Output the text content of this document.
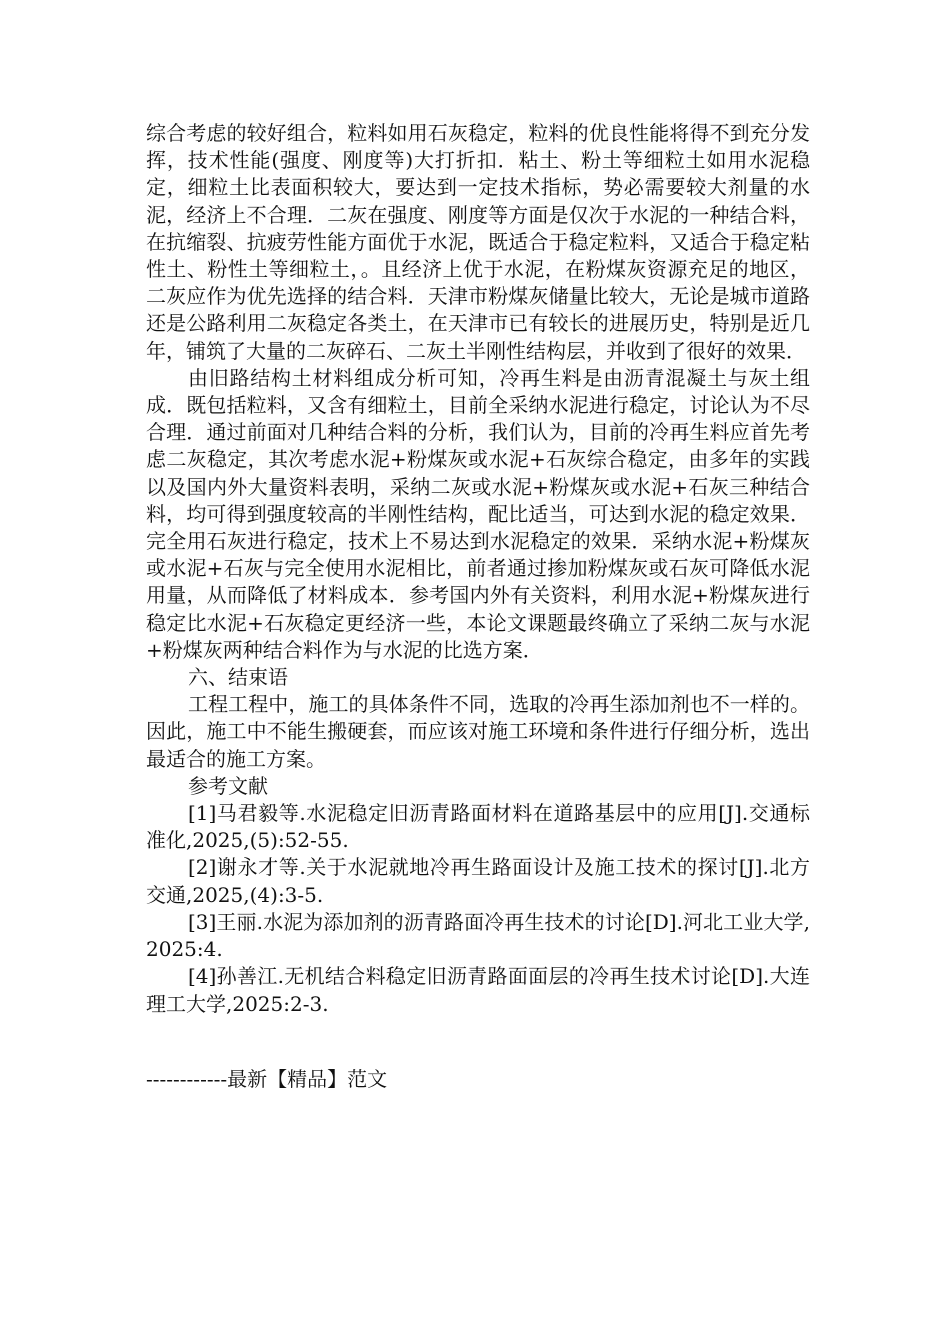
综合考虑的较好组合，粒料如用石灰稳定，粒料的优良性能将得不到充分发挥，技术性能(强度、刚度等)大打折扣．粘土、粉土等细粒土如用水泥稳定，细粒土比表面积较大，要达到一定技术指标，势必需要较大剂量的水泥，经济上不合理．二灰在强度、刚度等方面是仅次于水泥的一种结合料，在抗缩裂、抗疲劳性能方面优于水泥，既适合于稳定粒料，又适合于稳定粘性土、粉性土等细粒土，。且经济上优于水泥，在粉煤灰资源充足的地区，二灰应作为优先选择的结合料．天津市粉煤灰储量比较大，无论是城市道路还是公路利用二灰稳定各类土，在天津市已有较长的进展历史，特别是近几年，铺筑了大量的二灰碎石、二灰土半刚性结构层，并收到了很好的效果．

由旧路结构土材料组成分析可知，冷再生料是由沥青混凝土与灰土组成．既包括粒料，又含有细粒土，目前全采纳水泥进行稳定，讨论认为不尽合理．通过前面对几种结合料的分析，我们认为，目前的冷再生料应首先考虑二灰稳定，其次考虑水泥+粉煤灰或水泥+石灰综合稳定，由多年的实践以及国内外大量资料表明，采纳二灰或水泥+粉煤灰或水泥+石灰三种结合料，均可得到强度较高的半刚性结构，配比适当，可达到水泥的稳定效果．完全用石灰进行稳定，技术上不易达到水泥稳定的效果．采纳水泥+粉煤灰或水泥+石灰与完全使用水泥相比，前者通过掺加粉煤灰或石灰可降低水泥用量，从而降低了材料成本．参考国内外有关资料，利用水泥+粉煤灰进行稳定比水泥+石灰稳定更经济一些，本论文课题最终确立了采纳二灰与水泥+粉煤灰两种结合料作为与水泥的比选方案．

六、结束语

工程工程中，施工的具体条件不同，选取的冷再生添加剂也不一样的。因此，施工中不能生搬硬套，而应该对施工环境和条件进行仔细分析，选出最适合的施工方案。

参考文献

[1]马君毅等.水泥稳定旧沥青路面材料在道路基层中的应用[J].交通标准化,2025,(5):52-55.
[2]谢永才等.关于水泥就地冷再生路面设计及施工技术的探讨[J].北方交通,2025,(4):3-5.
[3]王丽.水泥为添加剂的沥青路面冷再生技术的讨论[D].河北工业大学,2025:4.
[4]孙善江.无机结合料稳定旧沥青路面面层的冷再生技术讨论[D].大连理工大学,2025:2-3.
------------最新【精品】范文
